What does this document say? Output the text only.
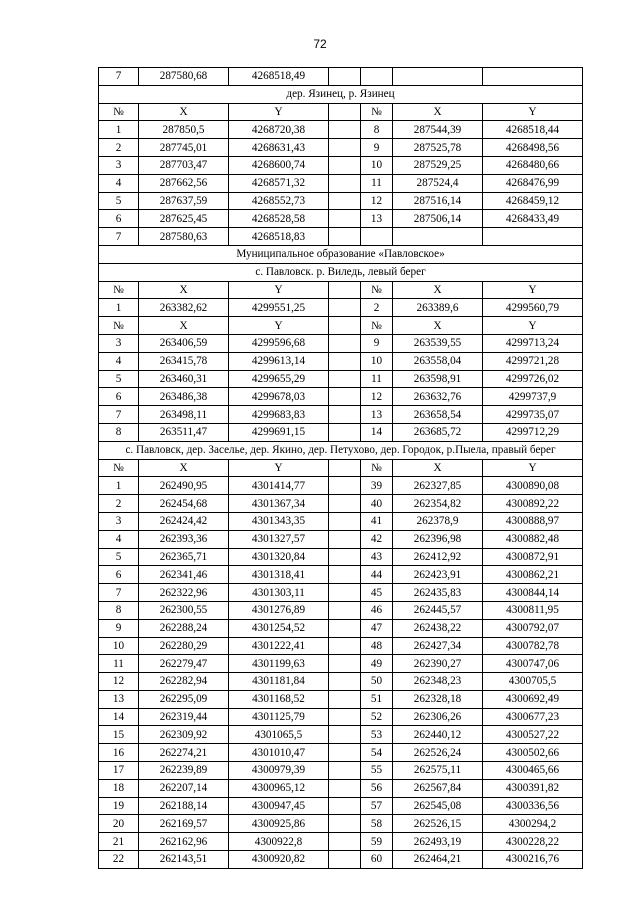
72
7	287580,68	4268518,49				
дер. Язинец, р. Язинец						
№	X	Y		№	X	Y
1	287850,5	4268720,38		8	287544,39	4268518,44
2	287745,01	4268631,43		9	287525,78	4268498,56
3	287703,47	4268600,74		10	287529,25	4268480,66
4	287662,56	4268571,32		11	287524,4	4268476,99
5	287637,59	4268552,73		12	287516,14	4268459,12
6	287625,45	4268528,58		13	287506,14	4268433,49
7	287580,63	4268518,83				
Муниципальное образование «Павловское»						
с. Павловск. р. Виледь, левый берег						
№	X	Y		№	X	Y
1	263382,62	4299551,25		2	263389,6	4299560,79
№	X	Y		№	X	Y
3	263406,59	4299596,68		9	263539,55	4299713,24
4	263415,78	4299613,14		10	263558,04	4299721,28
5	263460,31	4299655,29		11	263598,91	4299726,02
6	263486,38	4299678,03		12	263632,76	4299737,9
7	263498,11	4299683,83		13	263658,54	4299735,07
8	263511,47	4299691,15		14	263685,72	4299712,29
с. Павловск, дер. Заселье, дер. Якино, дер. Петухово, дер. Городок, р.Пыела, правый берег						
№	X	Y		№	X	Y
1	262490,95	4301414,77		39	262327,85	4300890,08
2	262454,68	4301367,34		40	262354,82	4300892,22
3	262424,42	4301343,35		41	262378,9	4300888,97
4	262393,36	4301327,57		42	262396,98	4300882,48
5	262365,71	4301320,84		43	262412,92	4300872,91
6	262341,46	4301318,41		44	262423,91	4300862,21
7	262322,96	4301303,11		45	262435,83	4300844,14
8	262300,55	4301276,89		46	262445,57	4300811,95
9	262288,24	4301254,52		47	262438,22	4300792,07
10	262280,29	4301222,41		48	262427,34	4300782,78
11	262279,47	4301199,63		49	262390,27	4300747,06
12	262282,94	4301181,84		50	262348,23	4300705,5
13	262295,09	4301168,52		51	262328,18	4300692,49
14	262319,44	4301125,79		52	262306,26	4300677,23
15	262309,92	4301065,5		53	262440,12	4300527,22
16	262274,21	4301010,47		54	262526,24	4300502,66
17	262239,89	4300979,39		55	262575,11	4300465,66
18	262207,14	4300965,12		56	262567,84	4300391,82
19	262188,14	4300947,45		57	262545,08	4300336,56
20	262169,57	4300925,86		58	262526,15	4300294,2
21	262162,96	4300922,8		59	262493,19	4300228,22
22	262143,51	4300920,82		60	262464,21	4300216,76
